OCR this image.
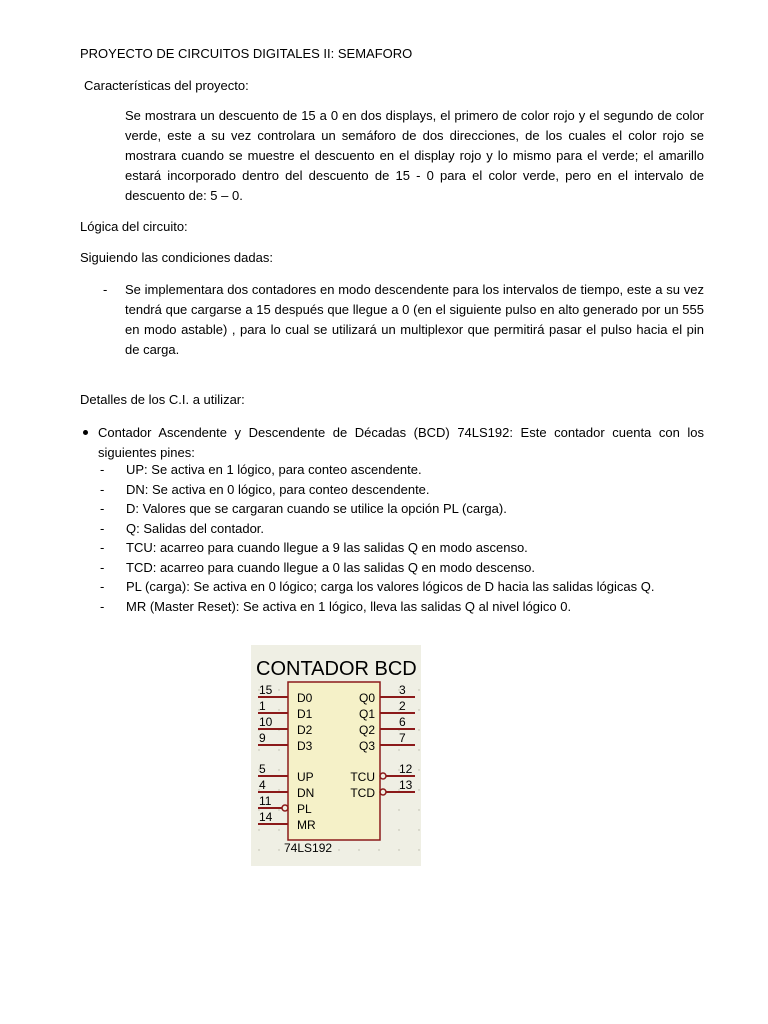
PROYECTO DE CIRCUITOS DIGITALES II: SEMAFORO
Características del proyecto:
Se mostrara un descuento de 15 a 0 en dos displays, el primero de color rojo y el segundo de color verde, este a su vez controlara un semáforo de dos direcciones, de los cuales el color rojo se mostrara cuando se muestre el descuento en el display rojo y lo mismo para el verde; el amarillo estará incorporado dentro del descuento de 15 - 0 para el color verde, pero en el intervalo de descuento de: 5 – 0.
Lógica del circuito:
Siguiendo las condiciones dadas:
- Se implementara dos contadores en modo descendente para los intervalos de tiempo, este a su vez tendrá que cargarse a 15 después que llegue a 0 (en el siguiente pulso en alto generado por un 555 en modo astable) , para lo cual se utilizará un multiplexor que permitirá pasar el pulso hacia el pin de carga.
Detalles de los C.I. a utilizar:
Contador Ascendente y Descendente de Décadas (BCD) 74LS192: Este contador cuenta con los siguientes pines:
- UP: Se activa en 1 lógico, para conteo ascendente.
- DN: Se activa en 0 lógico, para conteo descendente.
- D: Valores que se cargaran cuando se utilice la opción PL (carga).
- Q: Salidas del contador.
- TCU: acarreo para cuando llegue a 9 las salidas Q en modo ascenso.
- TCD: acarreo para cuando llegue a 0 las salidas Q en modo descenso.
- PL (carga): Se activa en 0 lógico; carga los valores lógicos de D hacia las salidas lógicas Q.
- MR (Master Reset): Se activa en 1 lógico, lleva las salidas Q al nivel lógico 0.
CONTADOR BCD
15
D0
1
D1
10
D2
9
D3
5
UP
4
DN
11
PL
14
MR
3
Q0
2
Q1
6
Q2
7
Q3
12
TCU
13
TCD
74LS192
